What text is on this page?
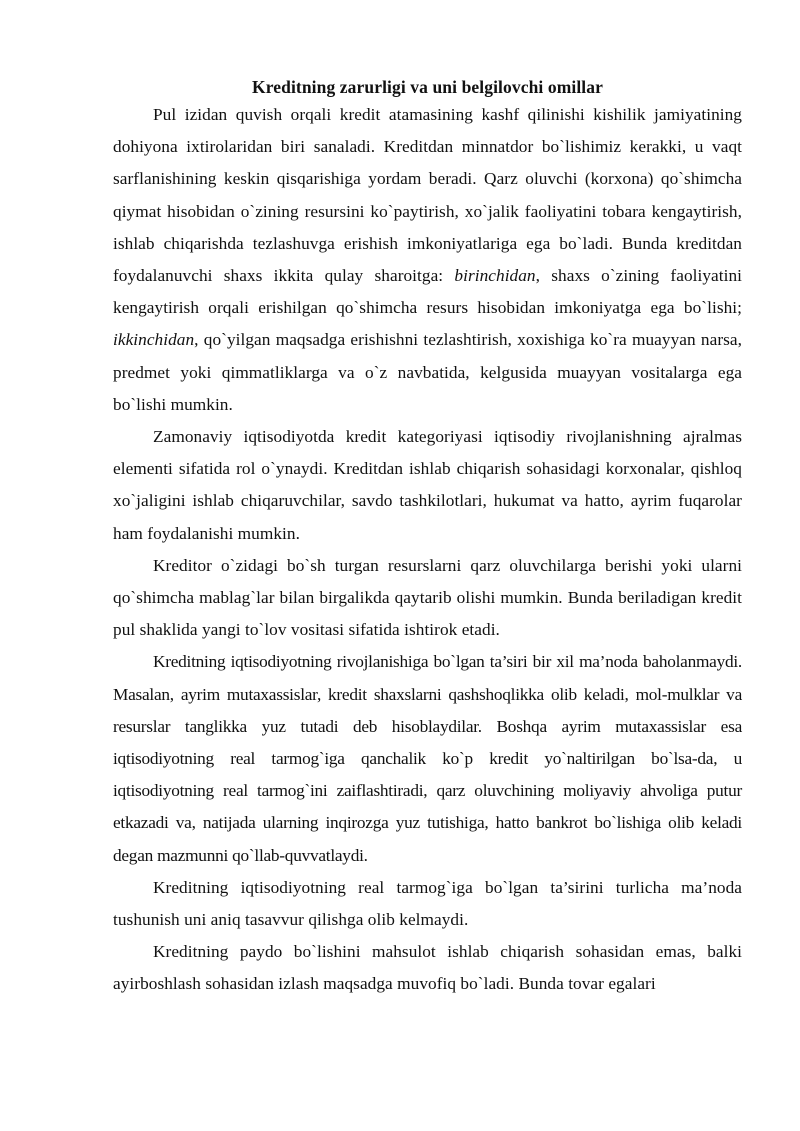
Kreditning zarurligi va uni belgilovchi omillar

Pul izidan quvish orqali kredit atamasining kashf qilinishi kishilik jamiyatining dohiyona ixtirolaridan biri sanaladi. Kreditdan minnatdor bo`lishimiz kerakki, u vaqt sarflanishining keskin qisqarishiga yordam beradi. Qarz oluvchi (korxona) qo`shimcha qiymat hisobidan o`zining resursini ko`paytirish, xo`jalik faoliyatini tobara kengaytirish, ishlab chiqarishda tezlashuvga erishish imkoniyatlariga ega bo`ladi. Bunda kreditdan foydalanuvchi shaxs ikkita qulay sharoitga: birinchidan, shaxs o`zining faoliyatini kengaytirish orqali erishilgan qo`shimcha resurs hisobidan imkoniyatga ega bo`lishi; ikkinchidan, qo`yilgan maqsadga erishishni tezlashtirish, xoxishiga ko`ra muayyan narsa, predmet yoki qimmatliklarga va o`z navbatida, kelgusida muayyan vositalarga ega bo`lishi mumkin.

Zamonaviy iqtisodiyotda kredit kategoriyasi iqtisodiy rivojlanishning ajralmas elementi sifatida rol o`ynaydi. Kreditdan ishlab chiqarish sohasidagi korxonalar, qishloq xo`jaligini ishlab chiqaruvchilar, savdo tashkilotlari, hukumat va hatto, ayrim fuqarolar ham foydalanishi mumkin.

Kreditor o`zidagi bo`sh turgan resurslarni qarz oluvchilarga berishi yoki ularni qo`shimcha mablag`lar bilan birgalikda qaytarib olishi mumkin. Bunda beriladigan kredit pul shaklida yangi to`lov vositasi sifatida ishtirok etadi.

Kreditning iqtisodiyotning rivojlanishiga bo`lgan ta’siri bir xil ma’noda baholanmaydi. Masalan, ayrim mutaxassislar, kredit shaxslarni qashshoqlikka olib keladi, mol-mulklar va resurslar tanglikka yuz tutadi deb hisoblaydilar. Boshqa ayrim mutaxassislar esa iqtisodiyotning real tarmog`iga qanchalik ko`p kredit yo`naltirilgan bo`lsa-da, u iqtisodiyotning real tarmog`ini zaiflashtiradi, qarz oluvchining moliyaviy ahvoliga putur etkazadi va, natijada ularning inqirozga yuz tutishiga, hatto bankrot bo`lishiga olib keladi degan mazmunni qo`llab-quvvatlaydi.

Kreditning iqtisodiyotning real tarmog`iga bo`lgan ta’sirini turlicha ma’noda tushunish uni aniq tasavvur qilishga olib kelmaydi.

Kreditning paydo bo`lishini mahsulot ishlab chiqarish sohasidan emas, balki ayirboshlash sohasidan izlash maqsadga muvofiq bo`ladi. Bunda tovar egalari
